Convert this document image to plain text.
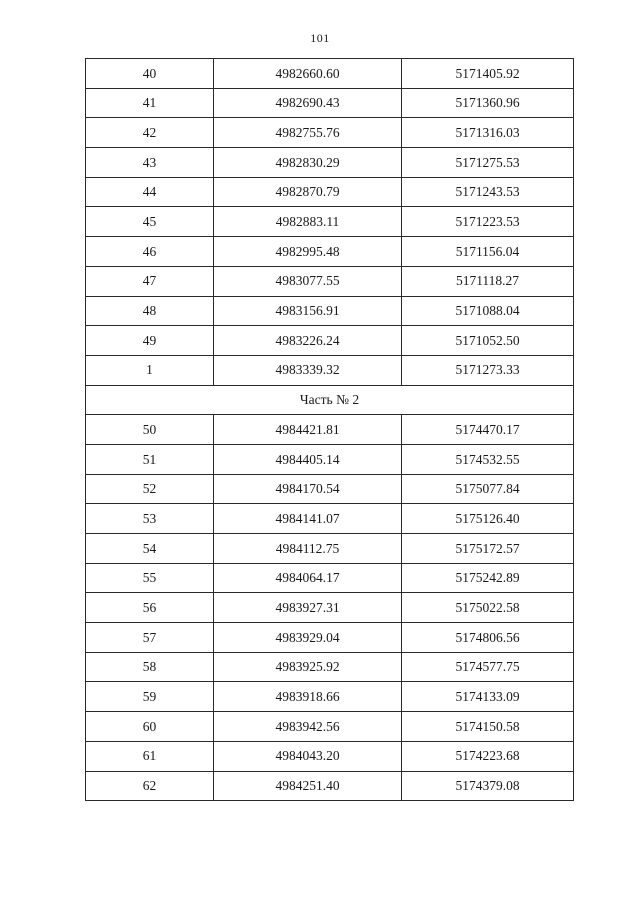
101
40	4982660.60	5171405.92
41	4982690.43	5171360.96
42	4982755.76	5171316.03
43	4982830.29	5171275.53
44	4982870.79	5171243.53
45	4982883.11	5171223.53
46	4982995.48	5171156.04
47	4983077.55	5171118.27
48	4983156.91	5171088.04
49	4983226.24	5171052.50
1	4983339.32	5171273.33
Часть № 2		
50	4984421.81	5174470.17
51	4984405.14	5174532.55
52	4984170.54	5175077.84
53	4984141.07	5175126.40
54	4984112.75	5175172.57
55	4984064.17	5175242.89
56	4983927.31	5175022.58
57	4983929.04	5174806.56
58	4983925.92	5174577.75
59	4983918.66	5174133.09
60	4983942.56	5174150.58
61	4984043.20	5174223.68
62	4984251.40	5174379.08
